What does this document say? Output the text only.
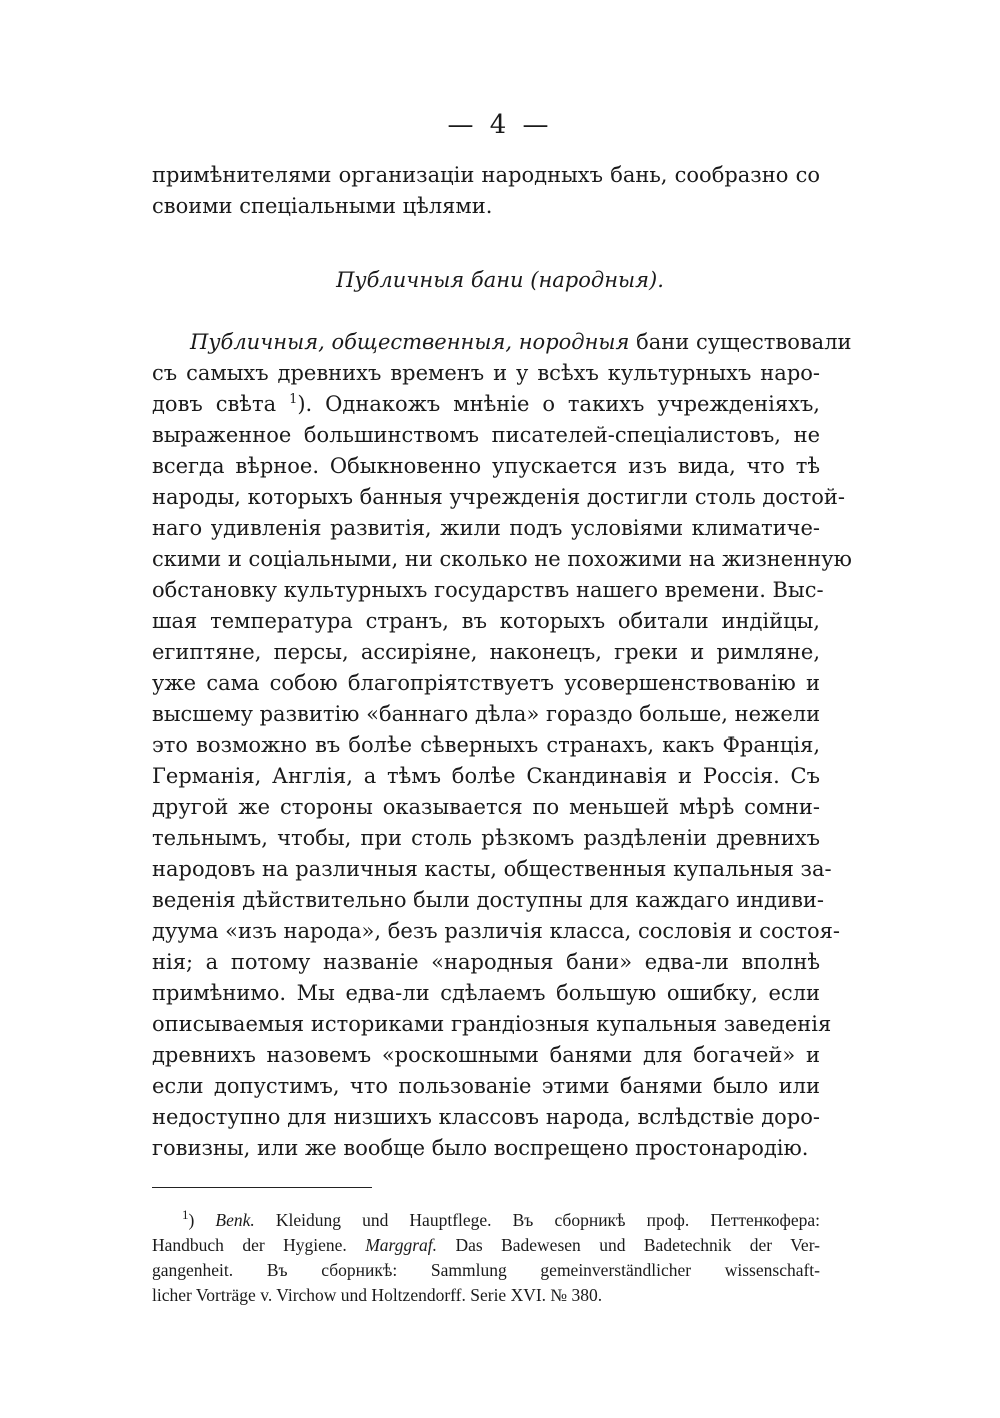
— 4 —
примѣнителями организаціи народныхъ бань, сообразно со
своими спеціальными цѣлями.
Публичныя бани (народныя).
Публичныя, общественныя, нородныя бани существовали
съ самыхъ древнихъ временъ и у всѣхъ культурныхъ наро-
довъ свѣта $^1$). Однакожъ мнѣніе о такихъ учрежденіяхъ,
выраженное большинствомъ писателей-спеціалистовъ, не
всегда вѣрное. Обыкновенно упускается изъ вида, что тѣ
народы, которыхъ банныя учрежденія достигли столь достой-
наго удивленія развитія, жили подъ условіями климатиче-
скими и соціальными, ни сколько не похожими на жизненную
обстановку культурныхъ государствъ нашего времени. Выс-
шая температура странъ, въ которыхъ обитали индійцы,
египтяне, персы, ассиріяне, наконецъ, греки и римляне,
уже сама собою благопріятствуетъ усовершенствованію и
высшему развитію «баннаго дѣла» гораздо больше, нежели
это возможно въ болѣе сѣверныхъ странахъ, какъ Франція,
Германія, Англія, а тѣмъ болѣе Скандинавія и Россія. Съ
другой же стороны оказывается по меньшей мѣрѣ сомни-
тельнымъ, чтобы, при столь рѣзкомъ раздѣленіи древнихъ
народовъ на различныя касты, общественныя купальныя за-
веденія дѣйствительно были доступны для каждаго индиви-
дуума «изъ народа», безъ различія класса, сословія и состоя-
нія; а потому названіе «народныя бани» едва-ли вполнѣ
примѣнимо. Мы едва-ли сдѣлаемъ большую ошибку, если
описываемыя историками грандіозныя купальныя заведенія
древнихъ назовемъ «роскошными банями для богачей» и
если допустимъ, что пользованіе этими банями было или
недоступно для низшихъ классовъ народа, вслѣдствіе доро-
говизны, или же вообще было воспрещено простонародію.
$^1$) Benk. Kleidung und Hauptflege. Въ сборникѣ проф. Петтенкофера:
Handbuch der Hygiene. Marggraf. Das Badewesen und Badetechnik der Ver-
gangenheit. Въ сборникѣ: Sammlung gemeinverständlicher wissenschaft-
licher Vorträge v. Virchow und Holtzendorff. Serie XVI. № 380.
